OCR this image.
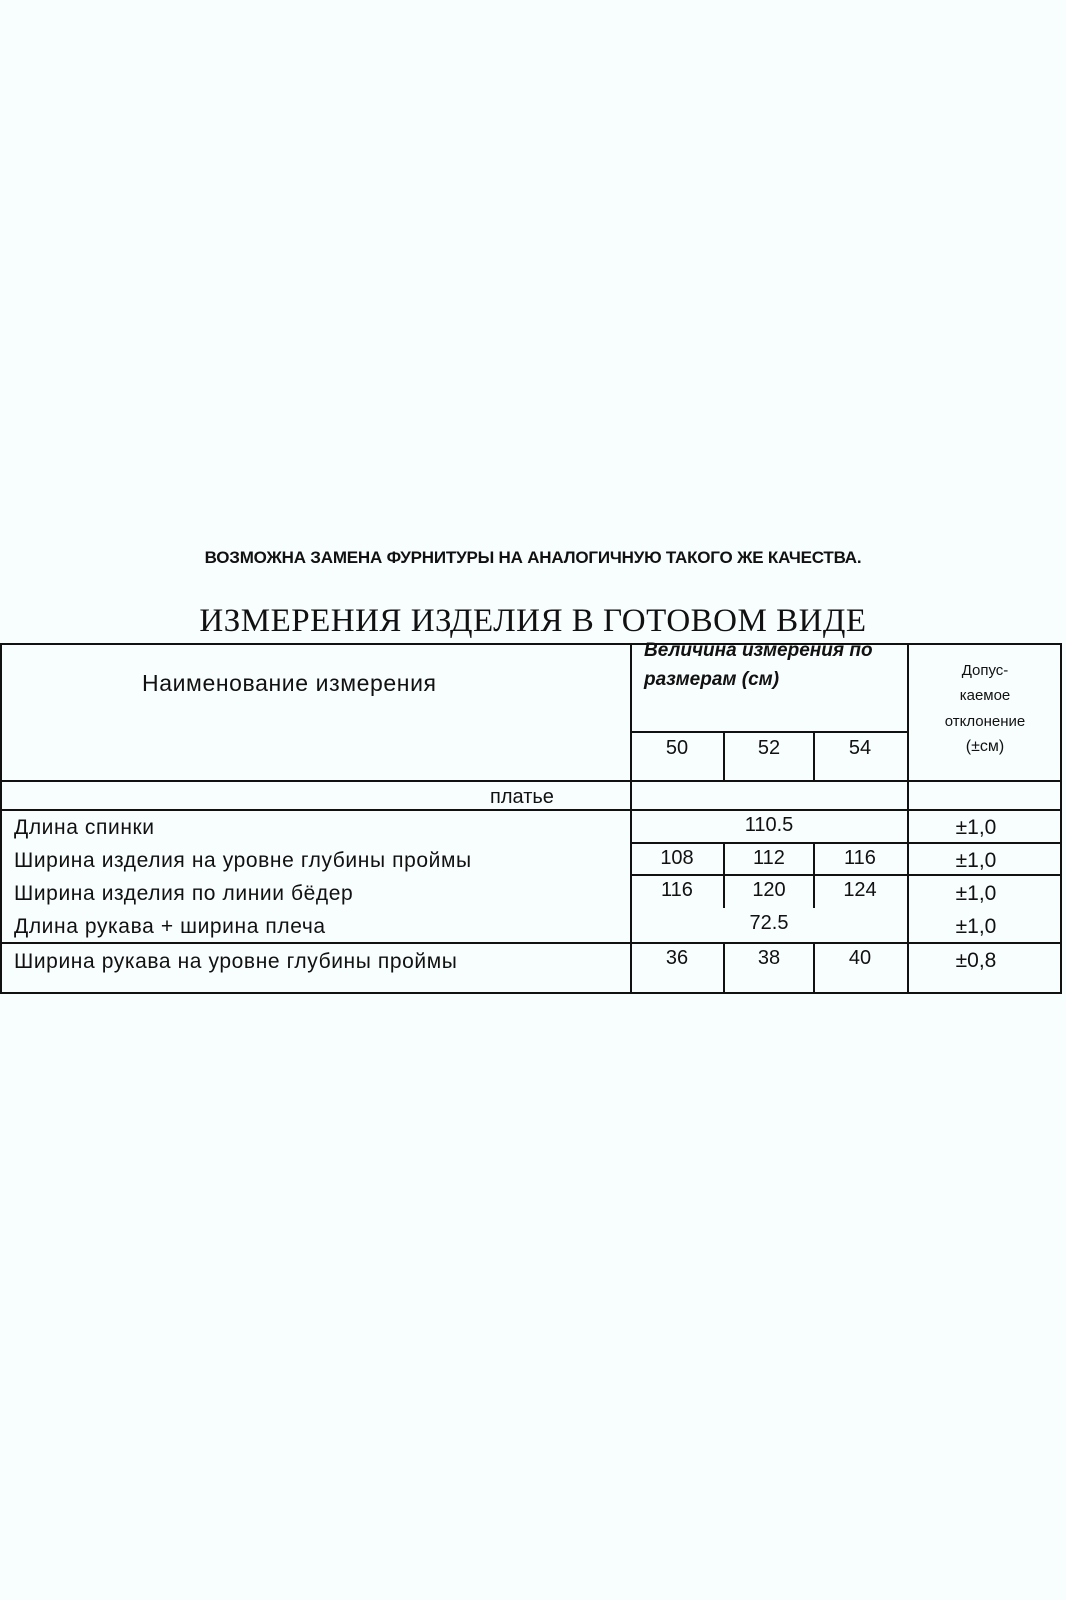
ВОЗМОЖНА ЗАМЕНА ФУРНИТУРЫ НА АНАЛОГИЧНУЮ ТАКОГО ЖЕ КАЧЕСТВА.
ИЗМЕРЕНИЯ ИЗДЕЛИЯ В ГОТОВОМ ВИДЕ
Наименование измерения
Величина измерения по
размерам (см)	Допус-
каемое
отклонение
(±см)
50	52	54
платье
Длина спинки	110.5	±1,0
Ширина изделия на уровне глубины проймы	108	112	116	±1,0
Ширина изделия по линии бёдер	116	120	124	±1,0
Длина рукава + ширина плеча	72.5	±1,0
Ширина рукава на уровне глубины проймы	36	38	40	±0,8
